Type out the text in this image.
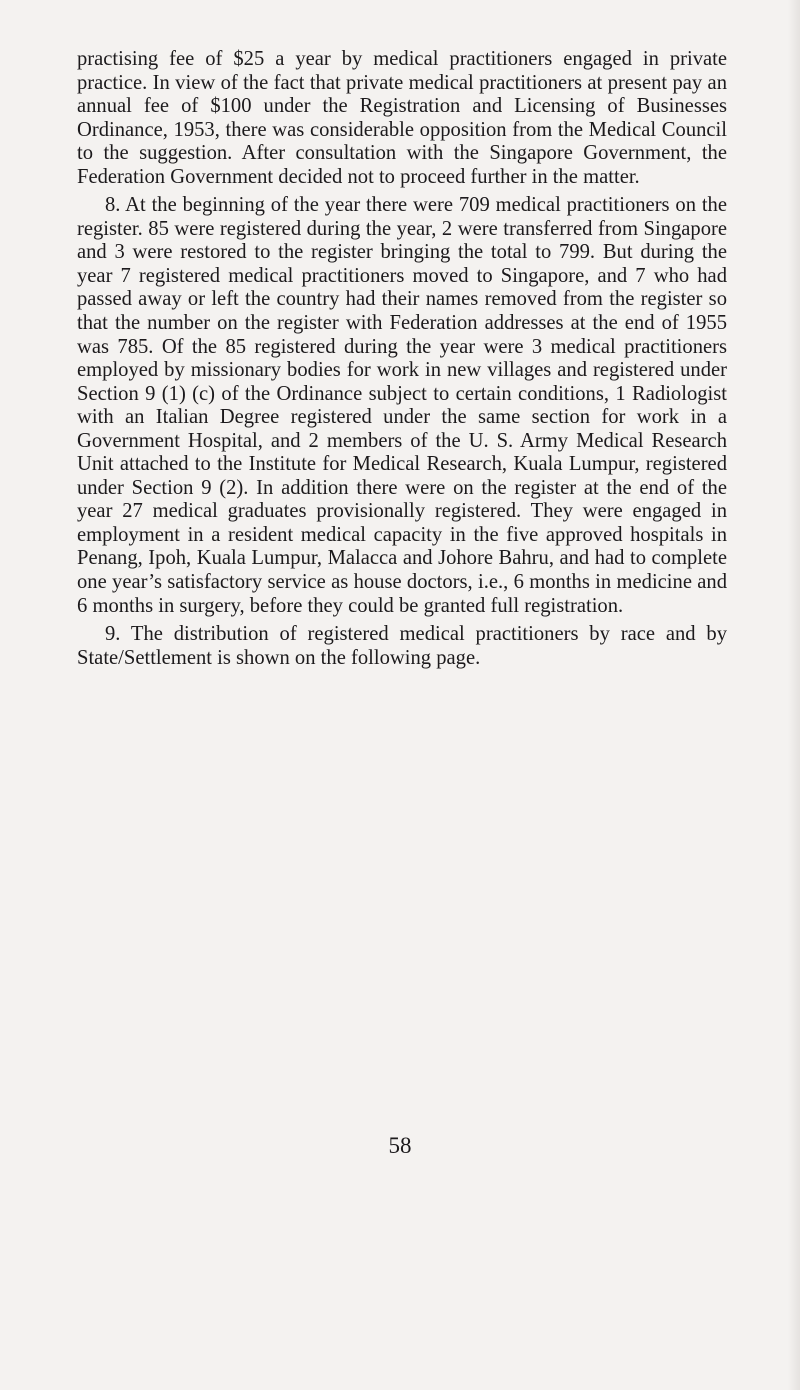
practising fee of $25 a year by medical practitioners engaged in private practice. In view of the fact that private medical practitioners at present pay an annual fee of $100 under the Registration and Licensing of Businesses Ordinance, 1953, there was considerable opposition from the Medical Council to the suggestion. After consultation with the Singapore Government, the Federation Government decided not to proceed further in the matter.

8. At the beginning of the year there were 709 medical practitioners on the register. 85 were registered during the year, 2 were transferred from Singapore and 3 were restored to the register bringing the total to 799. But during the year 7 registered medical practitioners moved to Singapore, and 7 who had passed away or left the country had their names removed from the register so that the number on the register with Federation addresses at the end of 1955 was 785. Of the 85 registered during the year were 3 medical practitioners employed by missionary bodies for work in new villages and registered under Section 9 (1) (c) of the Ordinance subject to certain conditions, 1 Radiologist with an Italian Degree registered under the same section for work in a Government Hospital, and 2 members of the U. S. Army Medical Research Unit attached to the Institute for Medical Research, Kuala Lumpur, registered under Section 9 (2). In addition there were on the register at the end of the year 27 medical graduates provisionally registered. They were engaged in employment in a resident medical capacity in the five approved hospitals in Penang, Ipoh, Kuala Lumpur, Malacca and Johore Bahru, and had to complete one year’s satisfactory service as house doctors, i.e., 6 months in medicine and 6 months in surgery, before they could be granted full registration.

9. The distribution of registered medical practitioners by race and by State/Settlement is shown on the following page.

58
